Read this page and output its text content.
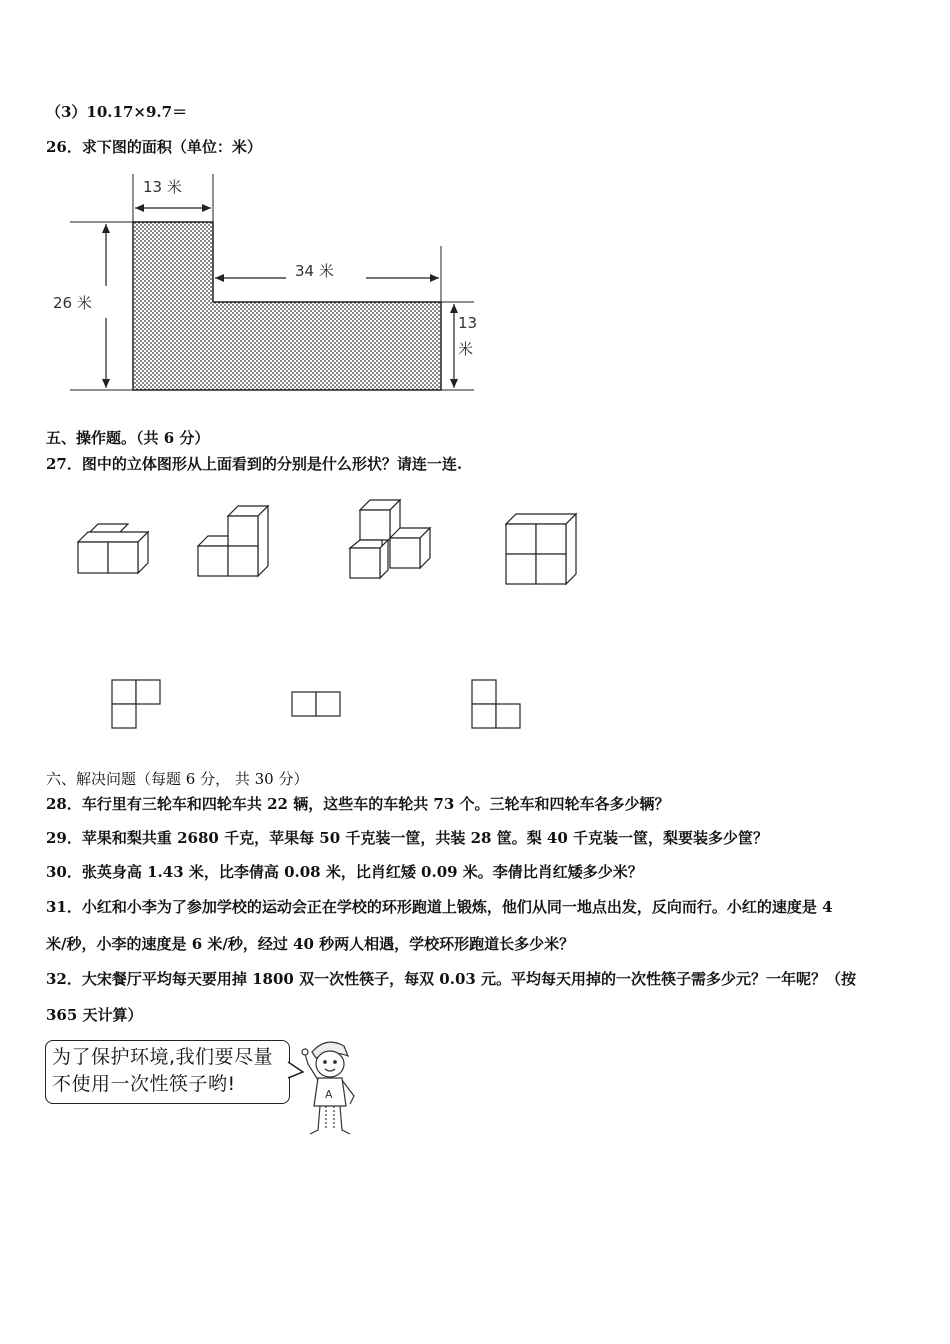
（3）10.17×9.7＝
26．求下图的面积（单位：米）
13 米
34 米
26 米
13
米
五、操作题。（共 6 分）
27．图中的立体图形从上面看到的分别是什么形状？请连一连.
六、解决问题（每题 6 分， 共 30 分）
28．车行里有三轮车和四轮车共 22 辆，这些车的车轮共 73 个。三轮车和四轮车各多少辆？
29．苹果和梨共重 2680 千克，苹果每 50 千克装一筐，共装 28 筐。梨 40 千克装一筐，梨要装多少筐？
30．张英身高 1.43 米，比李倩高 0.08 米，比肖红矮 0.09 米。李倩比肖红矮多少米？
31．小红和小李为了参加学校的运动会正在学校的环形跑道上锻炼，他们从同一地点出发，反向而行。小红的速度是 4
米/秒，小李的速度是 6 米/秒，经过 40 秒两人相遇，学校环形跑道长多少米？
32．大宋餐厅平均每天要用掉 1800 双一次性筷子，每双 0.03 元。平均每天用掉的一次性筷子需多少元？一年呢？（按
365 天计算）
为了保护环境,我们要尽量
不使用一次性筷子哟!	A
